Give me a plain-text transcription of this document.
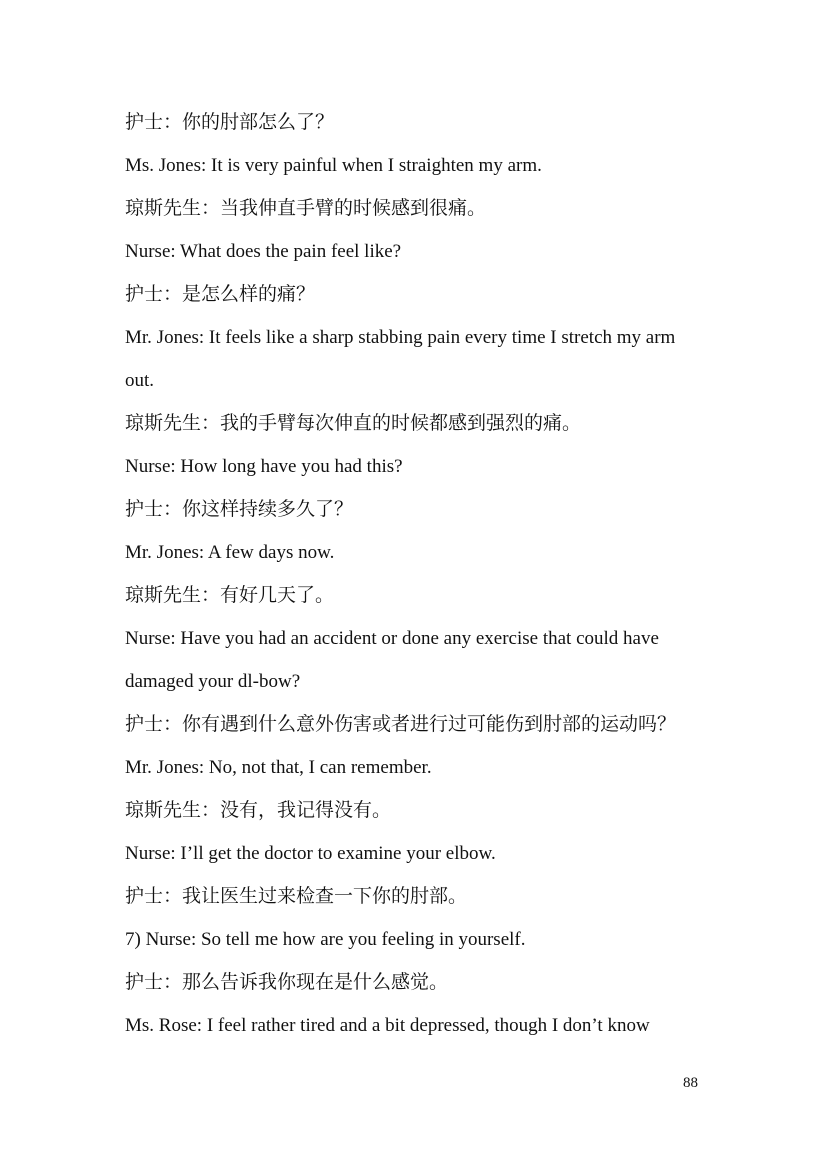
护士：你的肘部怎么了？

Ms. Jones: It is very painful when I straighten my arm.

琼斯先生：当我伸直手臂的时候感到很痛。

Nurse: What does the pain feel like?

护士：是怎么样的痛？

Mr. Jones: It feels like a sharp stabbing pain every time I stretch my arm

out.

琼斯先生：我的手臂每次伸直的时候都感到强烈的痛。

Nurse: How long have you had this?

护士：你这样持续多久了？

Mr. Jones: A few days now.

琼斯先生：有好几天了。

Nurse: Have you had an accident or done any exercise that could have

damaged your dl-bow?

护士：你有遇到什么意外伤害或者进行过可能伤到肘部的运动吗？

Mr. Jones: No, not that, I can remember.

琼斯先生：没有，我记得没有。

Nurse: I’ll get the doctor to examine your elbow.

护士：我让医生过来检查一下你的肘部。

7) Nurse: So tell me how are you feeling in yourself.

护士：那么告诉我你现在是什么感觉。

Ms. Rose: I feel rather tired and a bit depressed, though I don’t know

88
